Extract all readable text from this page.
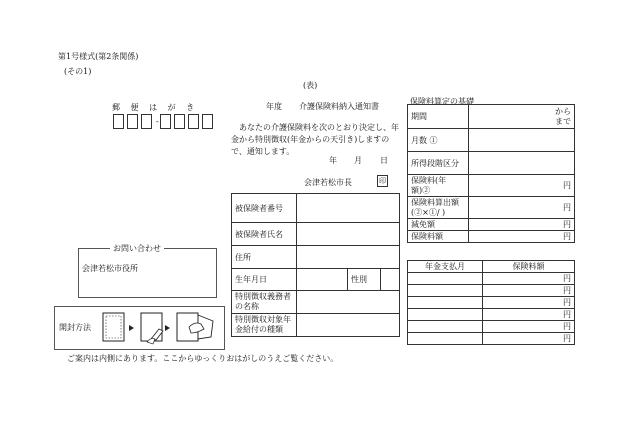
第1号様式(第2条関係)
(その1)
(表)
郵 便 は が き
-
年度 介護保険料納入通知書
あなたの介護保険料を次のとおり決定し、年金から特別徴収(年金からの天引き)しますので、通知します。
年 月 日
会津若松市長	印
被保険者番号			
被保険者氏名			
住所			
生年月日		性別	
特別徴収義務者の名称			
特別徴収対象年金給付の種類			
保険料算定の基礎
期間	から
まで

月数 ①	
所得段階区分	
保険料(年額)②	円
保険料算出額(②×①/ )	円
減免額	円
保険料額	円
年金支払月	保険料額
	円
	円
	円
	円
	円
	円
お問い合わせ
会津若松市役所
開封方法
ご案内は内側にあります。ここからゆっくりおはがしのうえご覧ください。
